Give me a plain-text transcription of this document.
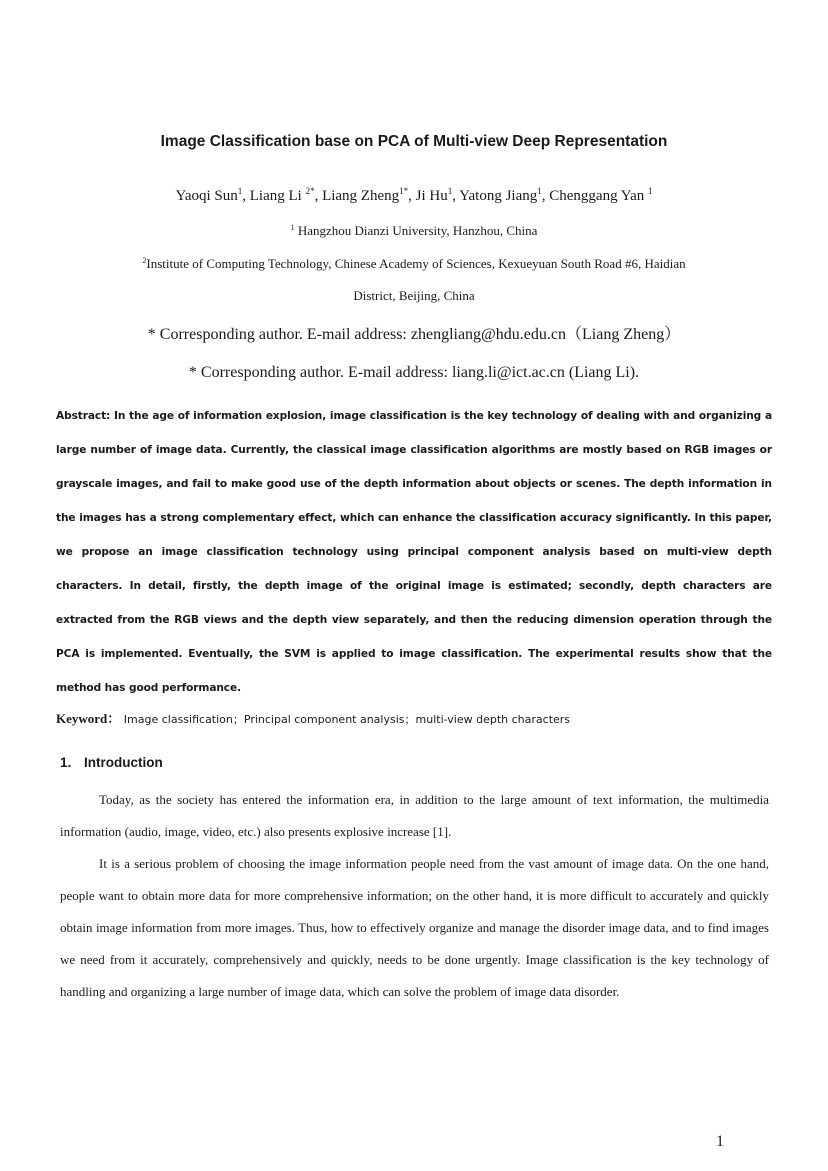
Image Classification base on PCA of Multi-view Deep Representation
Yaoqi Sun$^1$, Liang Li $^{2*}$, Liang Zheng$^{1*}$, Ji Hu$^1$, Yatong Jiang$^1$, Chenggang Yan $^1$
$^1$ Hangzhou Dianzi University, Hanzhou, China
$^2$Institute of Computing Technology, Chinese Academy of Sciences, Kexueyuan South Road #6, Haidian
District, Beijing, China
* Corresponding author. E-mail address: zhengliang@hdu.edu.cn（Liang Zheng）
* Corresponding author. E-mail address: liang.li@ict.ac.cn (Liang Li).
Abstract: In the age of information explosion, image classification is the key technology of dealing with and organizing a large number of image data. Currently, the classical image classification algorithms are mostly based on RGB images or grayscale images, and fail to make good use of the depth information about objects or scenes. The depth information in the images has a strong complementary effect, which can enhance the classification accuracy significantly. In this paper, we propose an image classification technology using principal component analysis based on multi-view depth characters. In detail, firstly, the depth image of the original image is estimated; secondly, depth characters are extracted from the RGB views and the depth view separately, and then the reducing dimension operation through the PCA is implemented. Eventually, the SVM is applied to image classification. The experimental results show that the method has good performance.
Keyword： Image classification；Principal component analysis；multi-view depth characters
1. Introduction

Today, as the society has entered the information era, in addition to the large amount of text information, the multimedia information (audio, image, video, etc.) also presents explosive increase [1].

It is a serious problem of choosing the image information people need from the vast amount of image data. On the one hand, people want to obtain more data for more comprehensive information; on the other hand, it is more difficult to accurately and quickly obtain image information from more images. Thus, how to effectively organize and manage the disorder image data, and to find images we need from it accurately, comprehensively and quickly, needs to be done urgently. Image classification is the key technology of handling and organizing a large number of image data, which can solve the problem of image data disorder.

1
